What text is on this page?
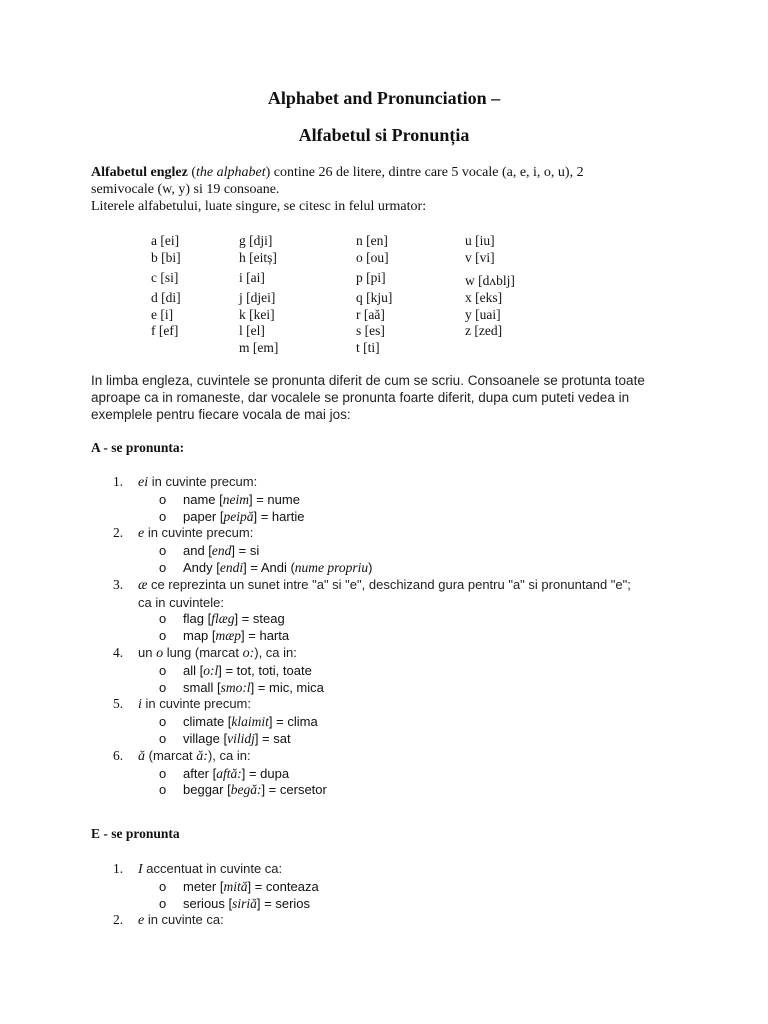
Alphabet and Pronunciation –
Alfabetul si Pronunția
Alfabetul englez (the alphabet) contine 26 de litere, dintre care 5 vocale (a, e, i, o, u), 2
semivocale (w, y) si 19 consoane.
Literele alfabetului, luate singure, se citesc in felul urmator:
a [ei]
b [bi]
c [si]
d [di]
e [i]
f [ef]
g [dji]
h [eitș]
i [ai]
j [djei]
k [kei]
l [el]
m [em]
n [en]
o [ou]
p [pi]
q [kju]
r [aă]
s [es]
t [ti]
u [iu]
v [vi]
w [dʌblj]
x [eks]
y [uai]
z [zed]
In limba engleza, cuvintele se pronunta diferit de cum se scriu. Consoanele se protunta toate aproape ca in romaneste, dar vocalele se pronunta foarte diferit, dupa cum puteti vedea in exemplele pentru fiecare vocala de mai jos:
A - se pronunta:
1. ei in cuvinte precum:
o name [neim] = nume
o paper [peipă] = hartie
2. e in cuvinte precum:
o and [end] = si
o Andy [endi] = Andi (nume propriu)
3. æ ce reprezinta un sunet intre "a" si "e", deschizand gura pentru "a" si pronuntand "e";
ca in cuvintele:
o flag [flæg] = steag
o map [mæp] = harta
4. un o lung (marcat o:), ca in:
o all [o:l] = tot, toti, toate
o small [smo:l] = mic, mica
5. i in cuvinte precum:
o climate [klaimit] = clima
o village [vilidj] = sat
6. ă (marcat ă:), ca in:
o after [aftă:] = dupa
o beggar [begă:] = cersetor
E - se pronunta
1. I accentuat in cuvinte ca:
o meter [mită] = conteaza
o serious [siriă] = serios
2. e in cuvinte ca:
